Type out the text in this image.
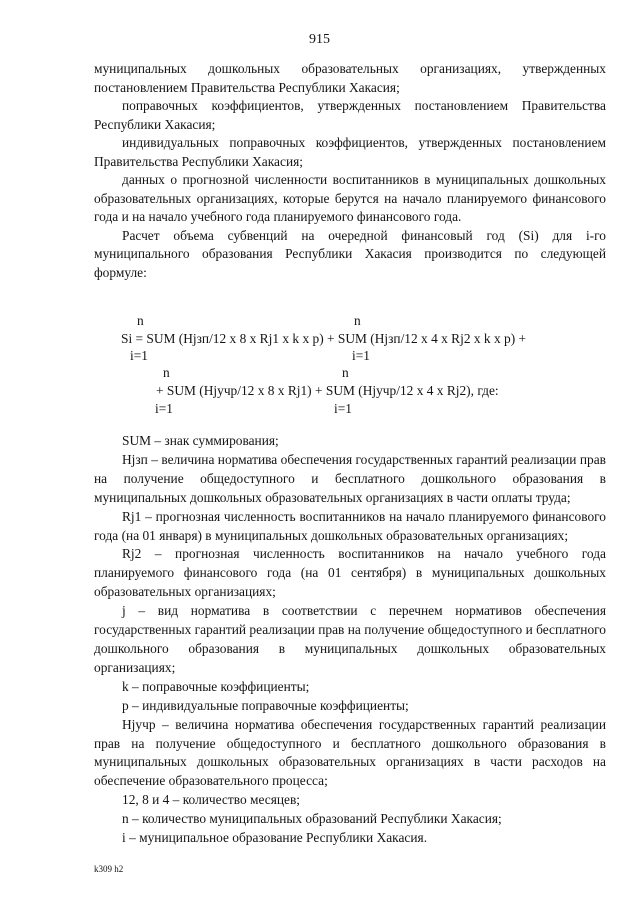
915

муниципальных дошкольных образовательных организациях, утвержденных постановлением Правительства Республики Хакасия;

поправочных коэффициентов, утвержденных постановлением Правительства Республики Хакасия;

индивидуальных поправочных коэффициентов, утвержденных постановлением Правительства Республики Хакасия;

данных о прогнозной численности воспитанников в муниципальных дошкольных образовательных организациях, которые берутся на начало планируемого финансового года и на начало учебного года планируемого финансового года.

Расчет объема субвенций на очередной финансовый год (Si) для i-го муниципального образования Республики Хакасия производится по следующей формуле:

n	n
Si = SUM (Hjзп/12 x 8 x Rj1 x k x p) + SUM (Hjзп/12 x 4 x Rj2 x k x p) +
i=1	i=1
n	n
+ SUM (Hjучр/12 x 8 x Rj1) + SUM (Hjучр/12 x 4 x Rj2), где:
i=1	i=1

SUM – знак суммирования;

Hjзп – величина норматива обеспечения государственных гарантий реализации прав на получение общедоступного и бесплатного дошкольного образования в муниципальных дошкольных образовательных организациях в части оплаты труда;

Rj1 – прогнозная численность воспитанников на начало планируемого финансового года (на 01 января) в муниципальных дошкольных образовательных организациях;

Rj2 – прогнозная численность воспитанников на начало учебного года планируемого финансового года (на 01 сентября) в муниципальных дошкольных образовательных организациях;

j – вид норматива в соответствии с перечнем нормативов обеспечения государственных гарантий реализации прав на получение общедоступного и бесплатного дошкольного образования в муниципальных дошкольных образовательных организациях;

k – поправочные коэффициенты;

p – индивидуальные поправочные коэффициенты;

Hjучр – величина норматива обеспечения государственных гарантий реализации прав на получение общедоступного и бесплатного дошкольного образования в муниципальных дошкольных образовательных организациях в части расходов на обеспечение образовательного процесса;

12, 8 и 4 – количество месяцев;

n – количество муниципальных образований Республики Хакасия;

i – муниципальное образование Республики Хакасия.

k309 h2
